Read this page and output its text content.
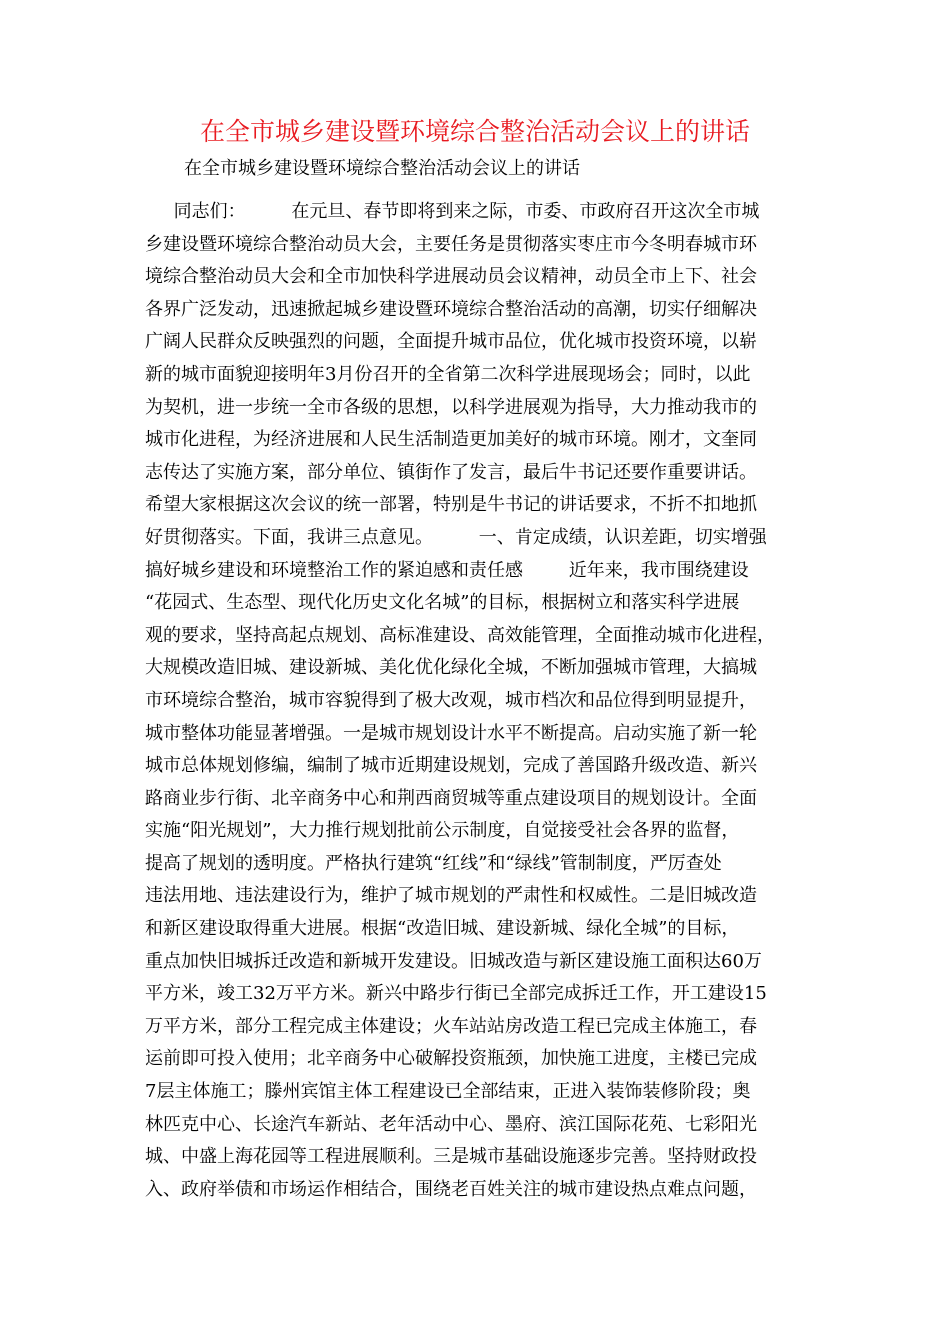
在全市城乡建设暨环境综合整治活动会议上的讲话
在全市城乡建设暨环境综合整治活动会议上的讲话
同志们：        在元旦、春节即将到来之际，市委、市政府召开这次全市城
乡建设暨环境综合整治动员大会，主要任务是贯彻落实枣庄市今冬明春城市环
境综合整治动员大会和全市加快科学进展动员会议精神，动员全市上下、社会
各界广泛发动，迅速掀起城乡建设暨环境综合整治活动的高潮，切实仔细解决
广阔人民群众反映强烈的问题，全面提升城市品位，优化城市投资环境，以崭
新的城市面貌迎接明年3月份召开的全省第二次科学进展现场会；同时，以此
为契机，进一步统一全市各级的思想，以科学进展观为指导，大力推动我市的
城市化进程，为经济进展和人民生活制造更加美好的城市环境。刚才，文奎同
志传达了实施方案，部分单位、镇街作了发言，最后牛书记还要作重要讲话。
希望大家根据这次会议的统一部署，特别是牛书记的讲话要求，不折不扣地抓
好贯彻落实。下面，我讲三点意见。        一、肯定成绩，认识差距，切实增强
搞好城乡建设和环境整治工作的紧迫感和责任感        近年来，我市围绕建设
“花园式、生态型、现代化历史文化名城”的目标，根据树立和落实科学进展
观的要求，坚持高起点规划、高标准建设、高效能管理，全面推动城市化进程，
大规模改造旧城、建设新城、美化优化绿化全城，不断加强城市管理，大搞城
市环境综合整治，城市容貌得到了极大改观，城市档次和品位得到明显提升，
城市整体功能显著增强。一是城市规划设计水平不断提高。启动实施了新一轮
城市总体规划修编，编制了城市近期建设规划，完成了善国路升级改造、新兴
路商业步行街、北辛商务中心和荆西商贸城等重点建设项目的规划设计。全面
实施“阳光规划”，大力推行规划批前公示制度，自觉接受社会各界的监督，
提高了规划的透明度。严格执行建筑“红线”和“绿线”管制制度，严厉查处
违法用地、违法建设行为，维护了城市规划的严肃性和权威性。二是旧城改造
和新区建设取得重大进展。根据“改造旧城、建设新城、绿化全城”的目标，
重点加快旧城拆迁改造和新城开发建设。旧城改造与新区建设施工面积达60万
平方米，竣工32万平方米。新兴中路步行街已全部完成拆迁工作，开工建设15
万平方米，部分工程完成主体建设；火车站站房改造工程已完成主体施工，春
运前即可投入使用；北辛商务中心破解投资瓶颈，加快施工进度，主楼已完成
7层主体施工；滕州宾馆主体工程建设已全部结束，正进入装饰装修阶段；奥
林匹克中心、长途汽车新站、老年活动中心、墨府、滨江国际花苑、七彩阳光
城、中盛上海花园等工程进展顺利。三是城市基础设施逐步完善。坚持财政投
入、政府举债和市场运作相结合，围绕老百姓关注的城市建设热点难点问题，
